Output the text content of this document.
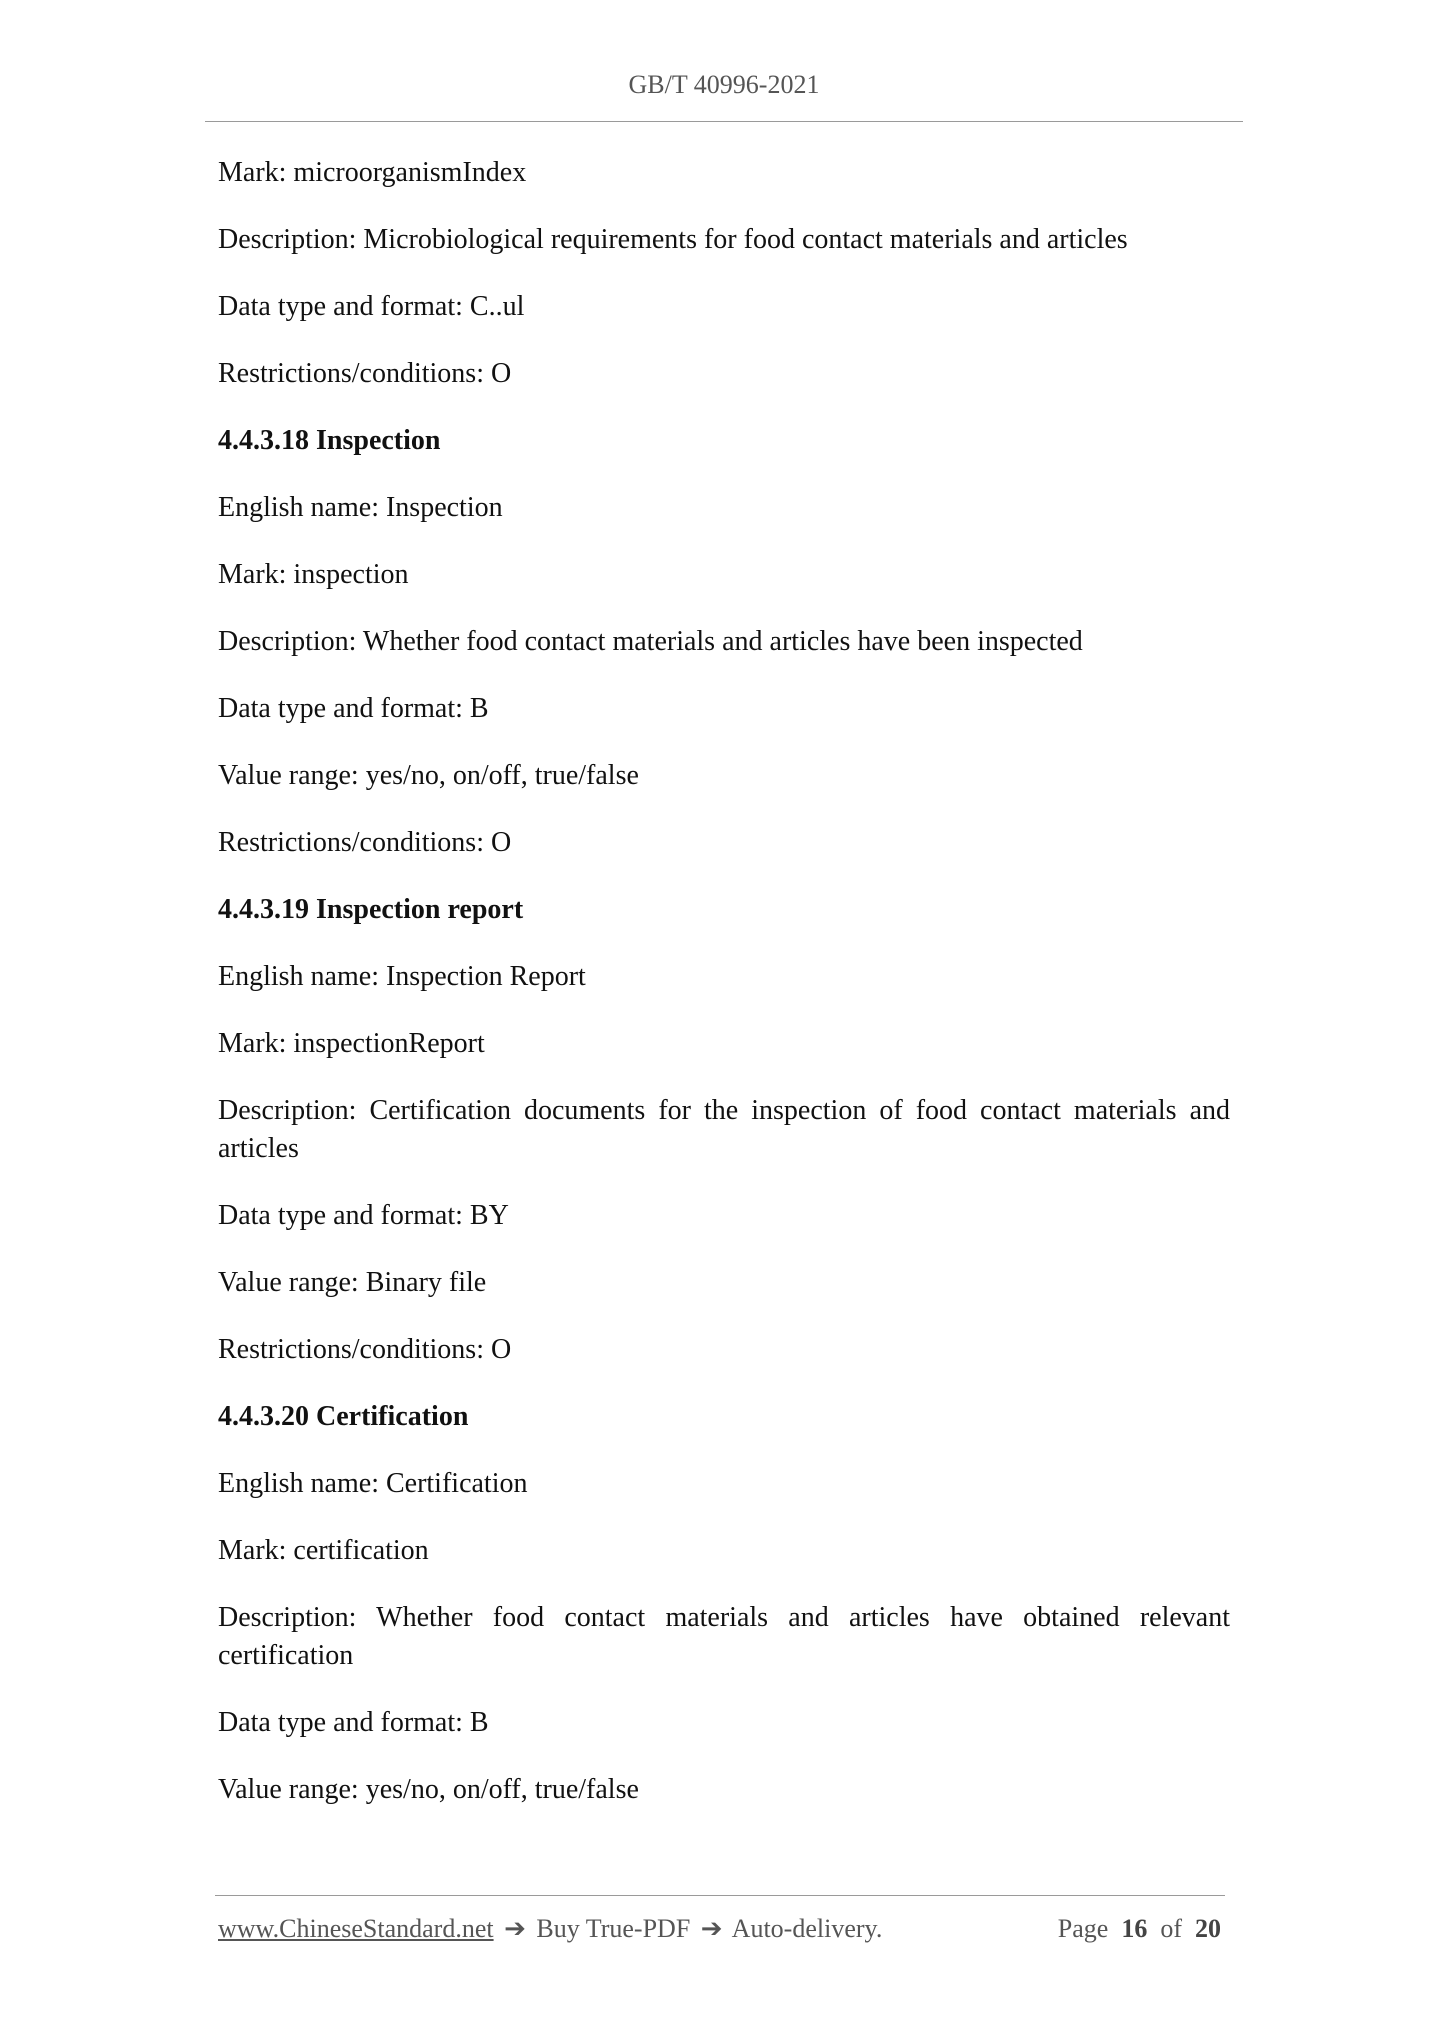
GB/T 40996-2021

Mark: microorganismIndex

Description: Microbiological requirements for food contact materials and articles

Data type and format: C..ul

Restrictions/conditions: O

4.4.3.18 Inspection

English name: Inspection

Mark: inspection

Description: Whether food contact materials and articles have been inspected

Data type and format: B

Value range: yes/no, on/off, true/false

Restrictions/conditions: O

4.4.3.19 Inspection report

English name: Inspection Report

Mark: inspectionReport

Description: Certification documents for the inspection of food contact materials and articles

Data type and format: BY

Value range: Binary file

Restrictions/conditions: O

4.4.3.20 Certification

English name: Certification

Mark: certification

Description: Whether food contact materials and articles have obtained relevant certification

Data type and format: B

Value range: yes/no, on/off, true/false

www.ChineseStandard.net ➔ Buy True-PDF ➔ Auto-delivery.	Page 16 of 20
